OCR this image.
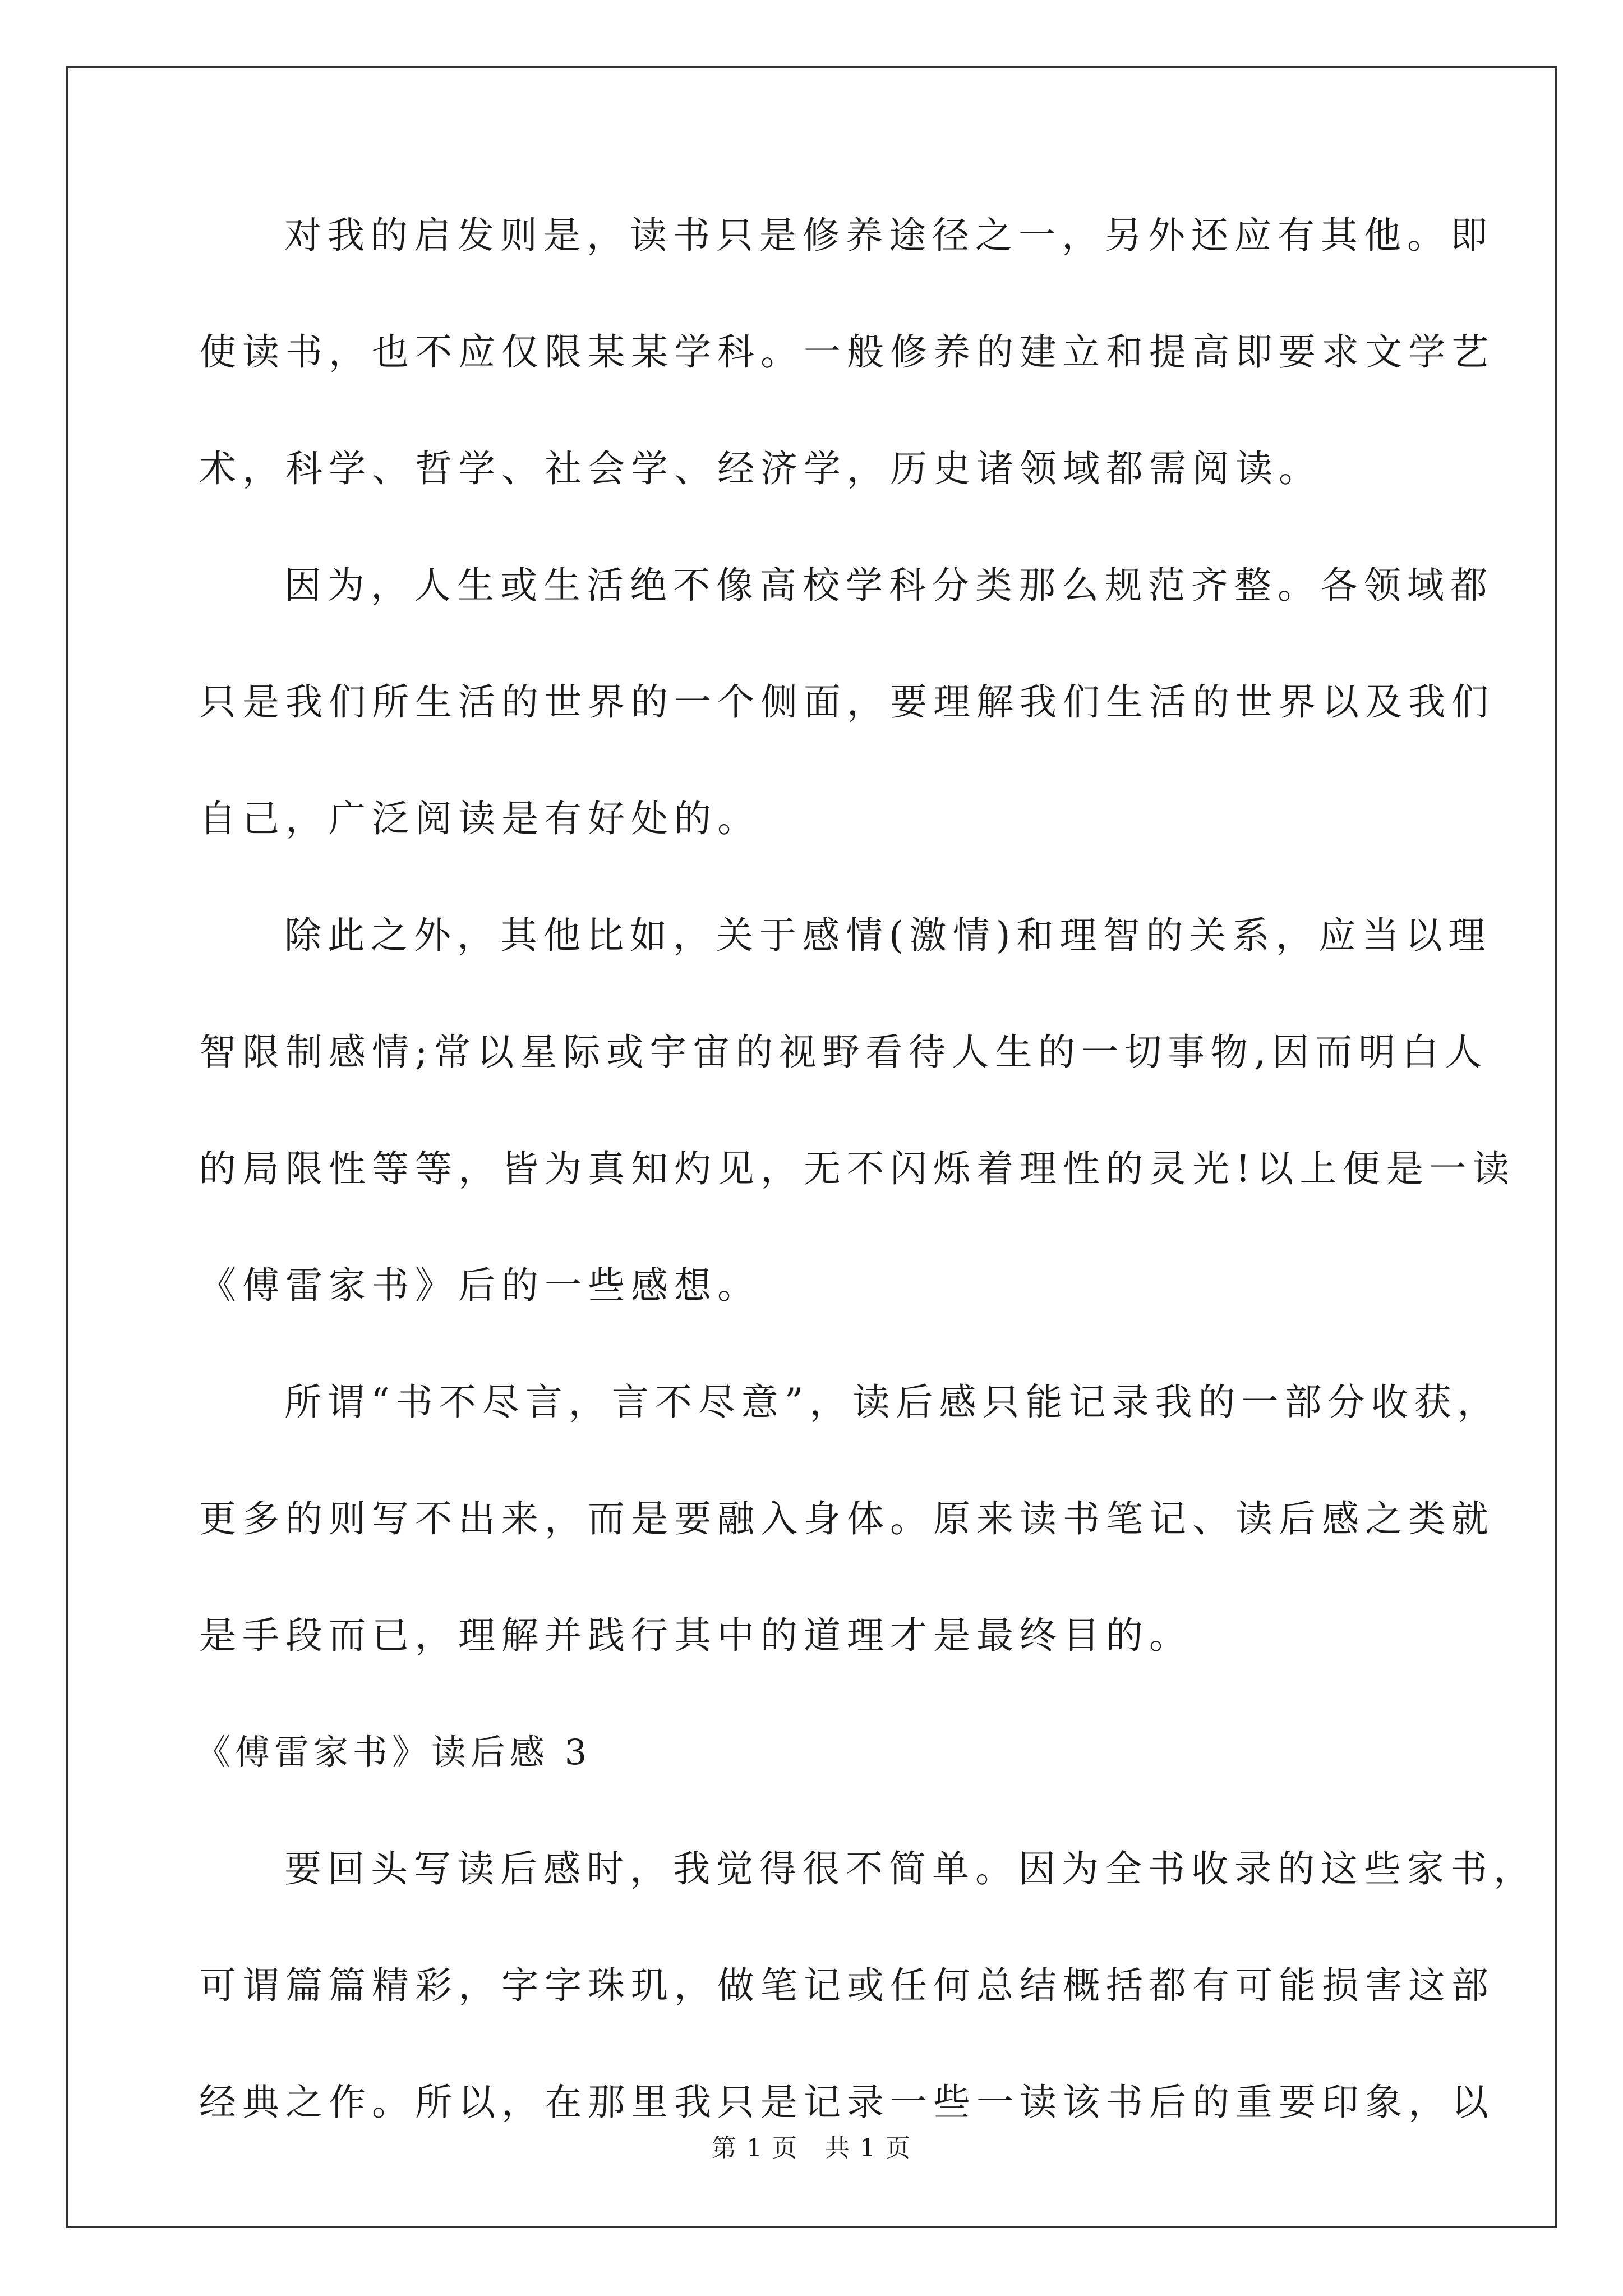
对我的启发则是，读书只是修养途径之一，另外还应有其他。即

使读书，也不应仅限某某学科。一般修养的建立和提高即要求文学艺

术，科学、哲学、社会学、经济学，历史诸领域都需阅读。

因为，人生或生活绝不像高校学科分类那么规范齐整。各领域都

只是我们所生活的世界的一个侧面，要理解我们生活的世界以及我们

自己，广泛阅读是有好处的。

除此之外，其他比如，关于感情(激情)和理智的关系，应当以理

智限制感情;常以星际或宇宙的视野看待人生的一切事物,因而明白人

的局限性等等，皆为真知灼见，无不闪烁着理性的灵光!以上便是一读

《傅雷家书》后的一些感想。

所谓“书不尽言，言不尽意”，读后感只能记录我的一部分收获，

更多的则写不出来，而是要融入身体。原来读书笔记、读后感之类就

是手段而已，理解并践行其中的道理才是最终目的。

《傅雷家书》读后感 3

要回头写读后感时，我觉得很不简单。因为全书收录的这些家书，

可谓篇篇精彩，字字珠玑，做笔记或任何总结概括都有可能损害这部

经典之作。所以，在那里我只是记录一些一读该书后的重要印象，以

第 1 页   共 1 页
